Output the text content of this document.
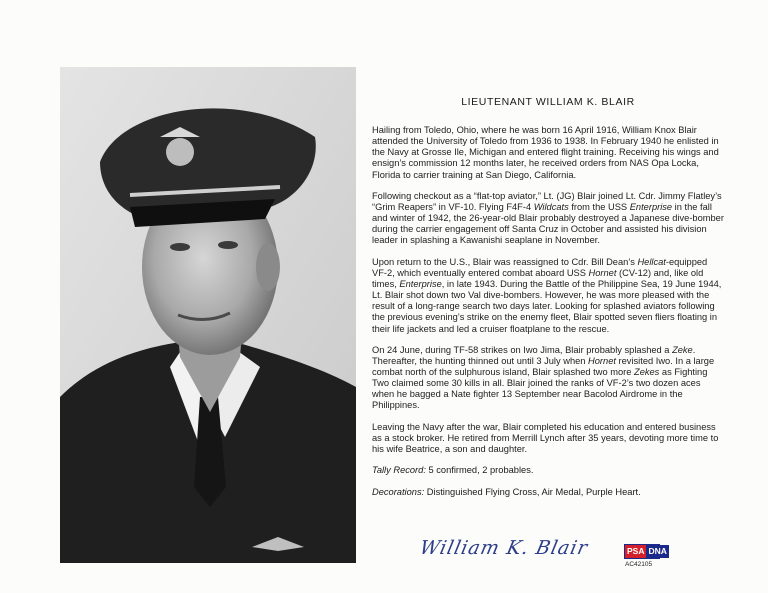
LIEUTENANT WILLIAM K. BLAIR

Hailing from Toledo, Ohio, where he was born 16 April 1916, William Knox Blair attended the University of Toledo from 1936 to 1938. In February 1940 he enlisted in the Navy at Grosse Ile, Michigan and entered flight training. Receiving his wings and ensign’s commission 12 months later, he received orders from NAS Opa Locka, Florida to carrier training at San Diego, California.

Following checkout as a “flat-top aviator,” Lt. (JG) Blair joined Lt. Cdr. Jimmy Flatley’s “Grim Reapers” in VF-10. Flying F4F-4 Wildcats from the USS Enterprise in the fall and winter of 1942, the 26-year-old Blair probably destroyed a Japanese dive-bomber during the carrier engagement off Santa Cruz in October and assisted his division leader in splashing a Kawanishi seaplane in November.

Upon return to the U.S., Blair was reassigned to Cdr. Bill Dean’s Hellcat-equipped VF-2, which eventually entered combat aboard USS Hornet (CV-12) and, like old times, Enterprise, in late 1943. During the Battle of the Philippine Sea, 19 June 1944, Lt. Blair shot down two Val dive-bombers. However, he was more pleased with the result of a long-range search two days later. Looking for splashed aviators following the previous evening’s strike on the enemy fleet, Blair spotted seven fliers floating in their life jackets and led a cruiser floatplane to the rescue.

On 24 June, during TF-58 strikes on Iwo Jima, Blair probably splashed a Zeke. Thereafter, the hunting thinned out until 3 July when Hornet revisited Iwo. In a large combat north of the sulphurous island, Blair splashed two more Zekes as Fighting Two claimed some 30 kills in all. Blair joined the ranks of VF-2’s two dozen aces when he bagged a Nate fighter 13 September near Bacolod Airdrome in the Philippines.

Leaving the Navy after the war, Blair completed his education and entered business as a stock broker. He retired from Merrill Lynch after 35 years, devoting more time to his wife Beatrice, a son and daughter.

Tally Record: 5 confirmed, 2 probables.
Decorations: Distinguished Flying Cross, Air Medal, Purple Heart.
William K. Blair	PSA DNA
AC42105
